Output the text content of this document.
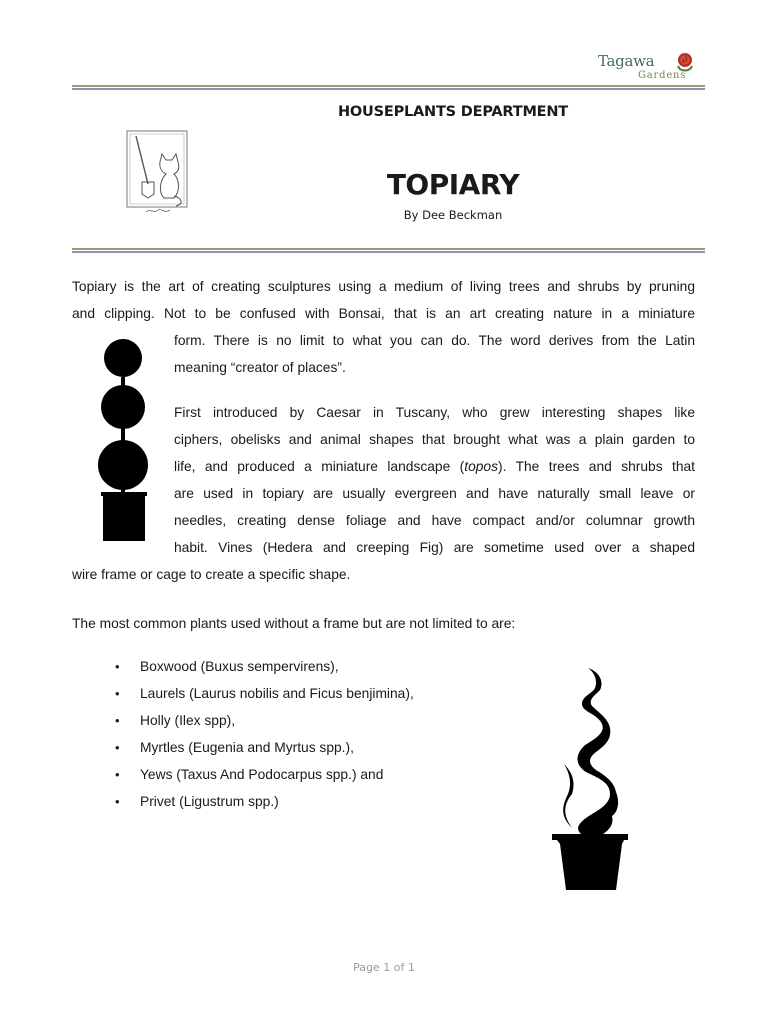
Tagawa
Gardens
HOUSEPLANTS DEPARTMENT
TOPIARY
By Dee Beckman
Topiary is the art of creating sculptures using a medium of living trees and shrubs by pruning
and clipping. Not to be confused with Bonsai, that is an art creating nature in a miniature
form. There is no limit to what you can do. The word derives from the Latin
meaning “creator of places”.
First introduced by Caesar in Tuscany, who grew interesting shapes like
ciphers, obelisks and animal shapes that brought what was a plain garden to
life, and produced a miniature landscape (topos). The trees and shrubs that
are used in topiary are usually evergreen and have naturally small leave or
needles, creating dense foliage and have compact and/or columnar growth
habit. Vines (Hedera and creeping Fig) are sometime used over a shaped
wire frame or cage to create a specific shape.
The most common plants used without a frame but are not limited to are:
• Boxwood (Buxus sempervirens),
• Laurels (Laurus nobilis and Ficus benjimina),
• Holly (Ilex spp),
• Myrtles (Eugenia and Myrtus spp.),
• Yews (Taxus And Podocarpus spp.) and
• Privet (Ligustrum spp.)
Page 1 of 1
